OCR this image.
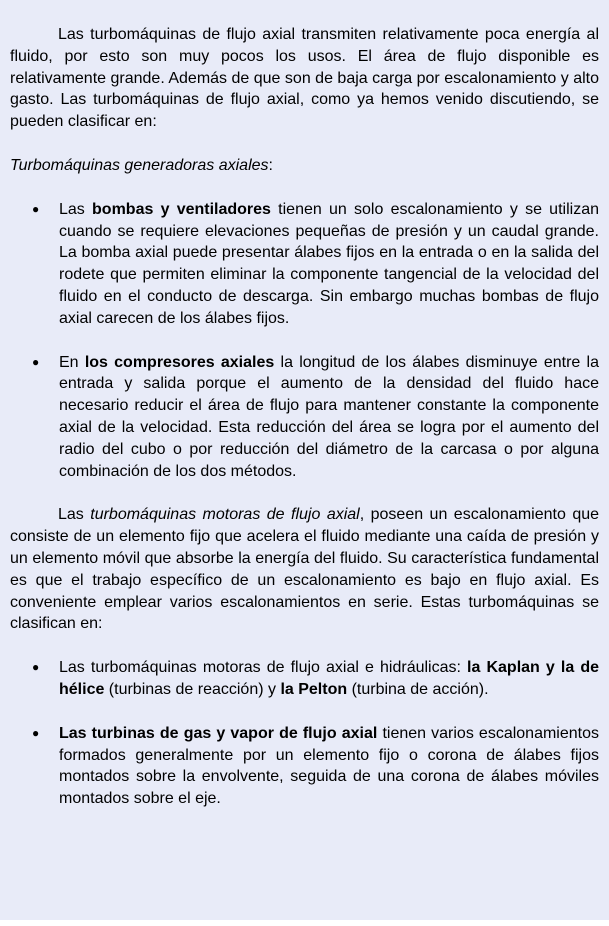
Las turbomáquinas de flujo axial transmiten relativamente poca energía al fluido, por esto son muy pocos los usos. El área de flujo disponible es relativamente grande. Además de que son de baja carga por escalonamiento y alto gasto. Las turbomáquinas de flujo axial, como ya hemos venido discutiendo, se pueden clasificar en:

Turbomáquinas generadoras axiales:

● Las bombas y ventiladores tienen un solo escalonamiento y se utilizan cuando se requiere elevaciones pequeñas de presión y un caudal grande. La bomba axial puede presentar álabes fijos en la entrada o en la salida del rodete que permiten eliminar la componente tangencial de la velocidad del fluido en el conducto de descarga. Sin embargo muchas bombas de flujo axial carecen de los álabes fijos.
● En los compresores axiales la longitud de los álabes disminuye entre la entrada y salida porque el aumento de la densidad del fluido hace necesario reducir el área de flujo para mantener constante la componente axial de la velocidad. Esta reducción del área se logra por el aumento del radio del cubo o por reducción del diámetro de la carcasa o por alguna combinación de los dos métodos.

Las turbomáquinas motoras de flujo axial, poseen un escalonamiento que consiste de un elemento fijo que acelera el fluido mediante una caída de presión y un elemento móvil que absorbe la energía del fluido. Su característica fundamental es que el trabajo específico de un escalonamiento es bajo en flujo axial. Es conveniente emplear varios escalonamientos en serie. Estas turbomáquinas se clasifican en:

● Las turbomáquinas motoras de flujo axial e hidráulicas: la Kaplan y la de hélice (turbinas de reacción) y la Pelton (turbina de acción).
● Las turbinas de gas y vapor de flujo axial tienen varios escalonamientos formados generalmente por un elemento fijo o corona de álabes fijos montados sobre la envolvente, seguida de una corona de álabes móviles montados sobre el eje.
